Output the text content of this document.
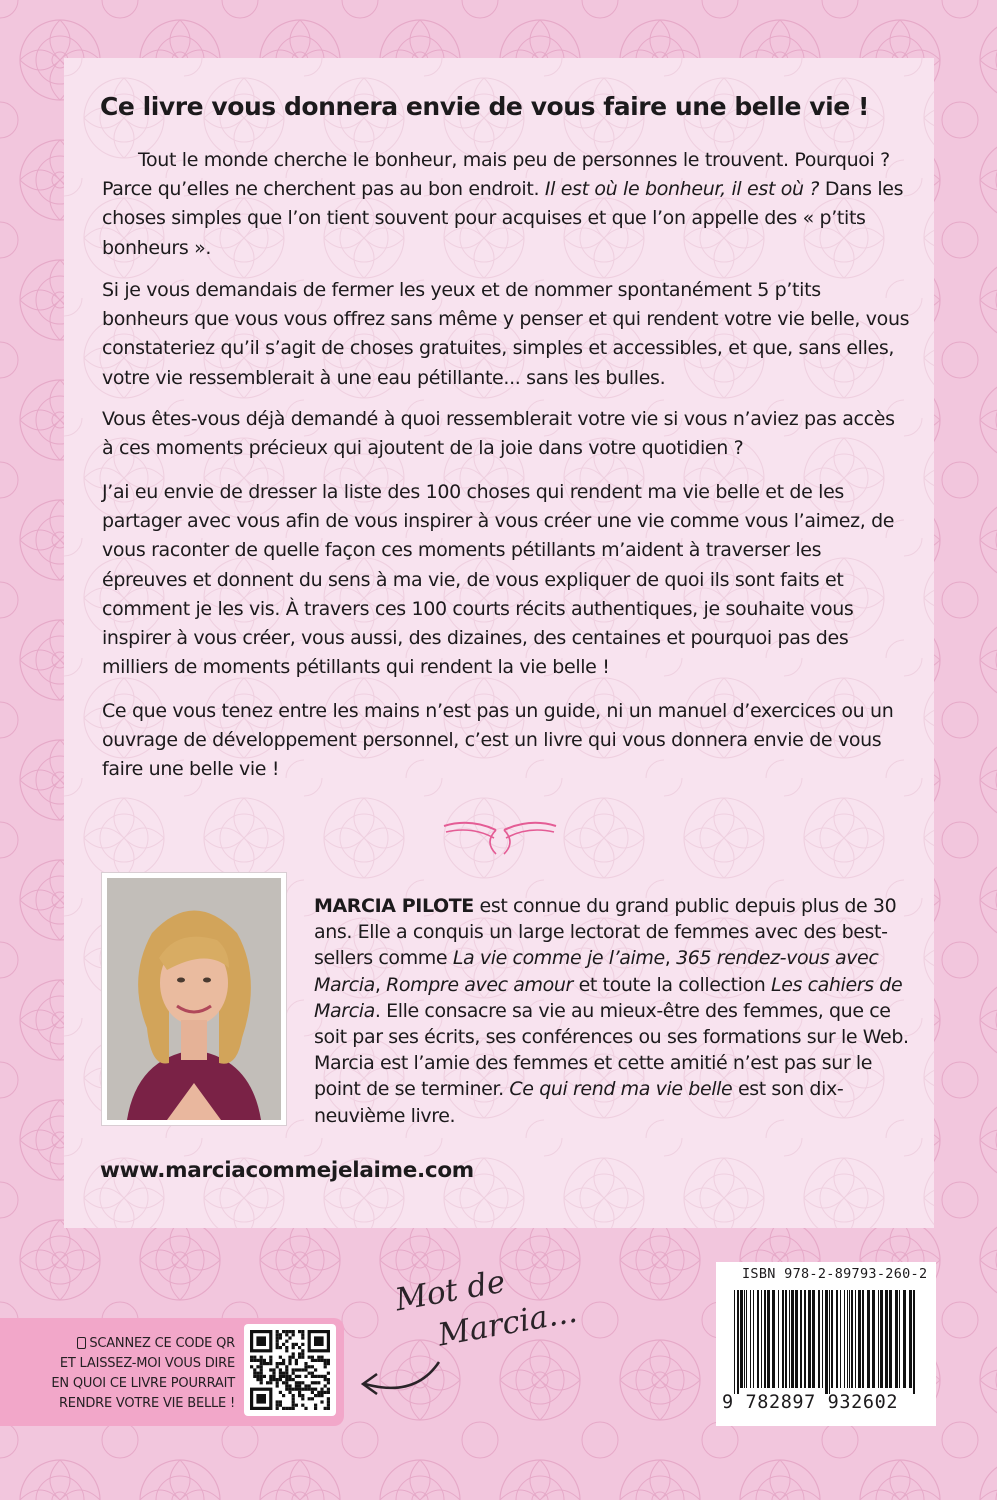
Ce livre vous donnera envie de vous faire une belle vie !

Tout le monde cherche le bonheur, mais peu de personnes le trouvent. Pourquoi ? Parce qu’elles ne cherchent pas au bon endroit. Il est où le bonheur, il est où ? Dans les choses simples que l’on tient souvent pour acquises et que l’on appelle des « p’tits bonheurs ».

Si je vous demandais de fermer les yeux et de nommer spontanément 5 p’tits bonheurs que vous vous offrez sans même y penser et qui rendent votre vie belle, vous constateriez qu’il s’agit de choses gratuites, simples et accessibles, et que, sans elles, votre vie ressemblerait à une eau pétillante... sans les bulles.

Vous êtes-vous déjà demandé à quoi ressemblerait votre vie si vous n’aviez pas accès à ces moments précieux qui ajoutent de la joie dans votre quotidien ?

J’ai eu envie de dresser la liste des 100 choses qui rendent ma vie belle et de les partager avec vous afin de vous inspirer à vous créer une vie comme vous l’aimez, de vous raconter de quelle façon ces moments pétillants m’aident à traverser les épreuves et donnent du sens à ma vie, de vous expliquer de quoi ils sont faits et comment je les vis. À travers ces 100 courts récits authentiques, je souhaite vous inspirer à vous créer, vous aussi, des dizaines, des centaines et pourquoi pas des milliers de moments pétillants qui rendent la vie belle !

Ce que vous tenez entre les mains n’est pas un guide, ni un manuel d’exercices ou un ouvrage de développement personnel, c’est un livre qui vous donnera envie de vous faire une belle vie !

MARCIA PILOTE est connue du grand public depuis plus de 30 ans. Elle a conquis un large lectorat de femmes avec des best-sellers comme La vie comme je l’aime, 365 rendez-vous avec Marcia, Rompre avec amour et toute la collection Les cahiers de Marcia. Elle consacre sa vie au mieux-être des femmes, que ce soit par ses écrits, ses conférences ou ses formations sur le Web. Marcia est l’amie des femmes et cette amitié n’est pas sur le point de se terminer. Ce qui rend ma vie belle est son dix-neuvième livre.

www.marciacommejelaime.com
SCANNEZ CE CODE QR
ET LAISSEZ-MOI VOUS DIRE
EN QUOI CE LIVRE POURRAIT
RENDRE VOTRE VIE BELLE !
Mot de
Marcia...
ISBN 978-2-89793-260-2
9 782897 932602
